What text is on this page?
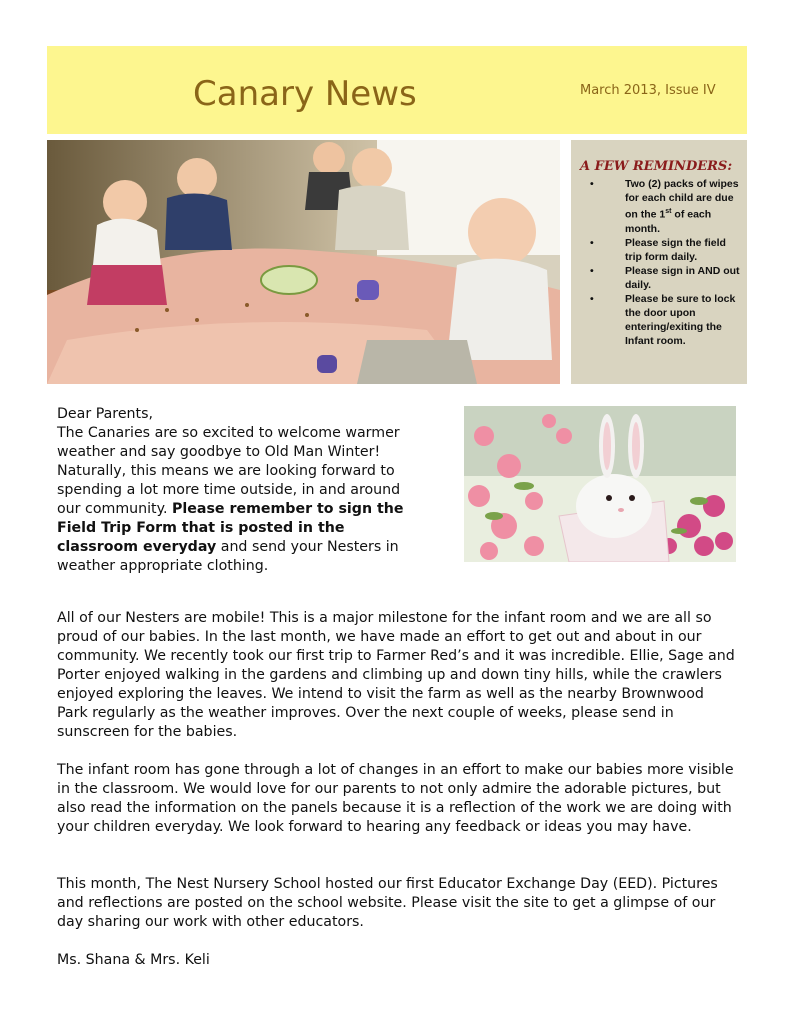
Canary News	March 2013, Issue IV
A FEW REMINDERS:
• Two (2) packs of wipes for each child are due on the 1st of each month.
• Please sign the field trip form daily.
• Please sign in AND out daily.
• Please be sure to lock the door upon entering/exiting the Infant room.

Dear Parents,

The Canaries are so excited to welcome warmer weather and say goodbye to Old Man Winter! Naturally, this means we are looking forward to spending a lot more time outside, in and around our community. Please remember to sign the Field Trip Form that is posted in the classroom everyday and send your Nesters in weather appropriate clothing.

All of our Nesters are mobile! This is a major milestone for the infant room and we are all so proud of our babies. In the last month, we have made an effort to get out and about in our community. We recently took our first trip to Farmer Red’s and it was incredible. Ellie, Sage and Porter enjoyed walking in the gardens and climbing up and down tiny hills, while the crawlers enjoyed exploring the leaves. We intend to visit the farm as well as the nearby Brownwood Park regularly as the weather improves. Over the next couple of weeks, please send in sunscreen for the babies.

The infant room has gone through a lot of changes in an effort to make our babies more visible in the classroom. We would love for our parents to not only admire the adorable pictures, but also read the information on the panels because it is a reflection of the work we are doing with your children everyday. We look forward to hearing any feedback or ideas you may have.

This month, The Nest Nursery School hosted our first Educator Exchange Day (EED). Pictures and reflections are posted on the school website. Please visit the site to get a glimpse of our day sharing our work with other educators.

Ms. Shana & Mrs. Keli
